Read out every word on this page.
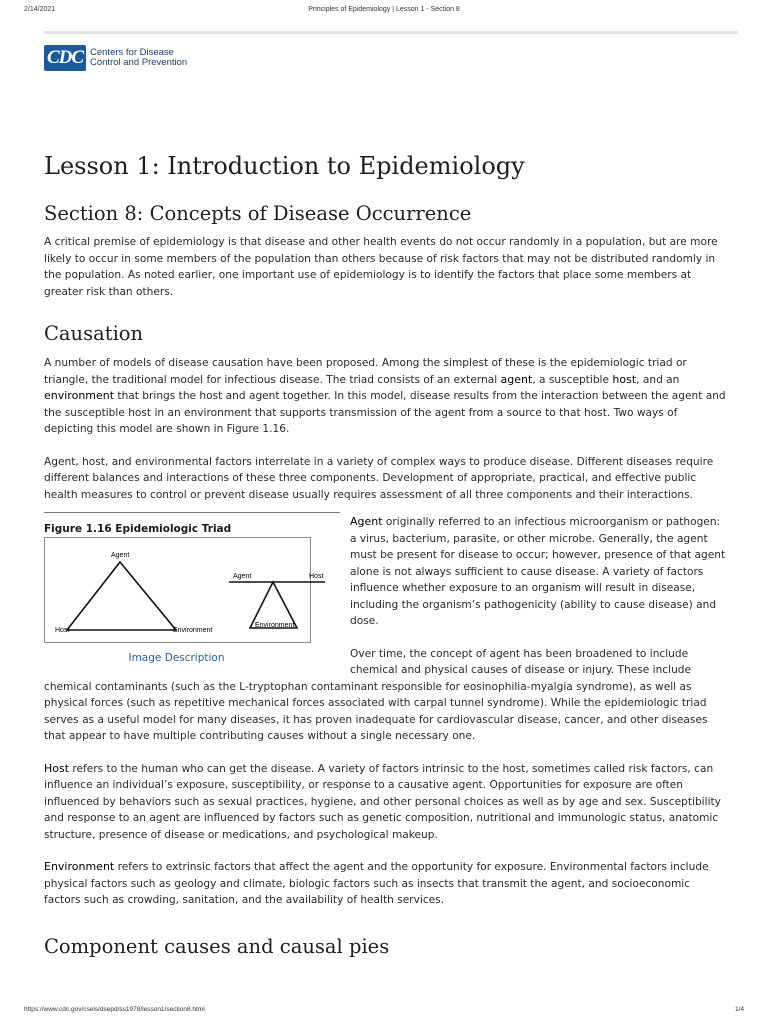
2/14/2021	Principles of Epidemiology | Lesson 1 - Section 8
CDC Centers for Disease
Control and Prevention
Lesson 1: Introduction to Epidemiology
Section 8: Concepts of Disease Occurrence

A critical premise of epidemiology is that disease and other health events do not occur randomly in a population, but are more likely to occur in some members of the population than others because of risk factors that may not be distributed randomly in the population. As noted earlier, one important use of epidemiology is to identify the factors that place some members at greater risk than others.

Causation

A number of models of disease causation have been proposed. Among the simplest of these is the epidemiologic triad or triangle, the traditional model for infectious disease. The triad consists of an external agent, a susceptible host, and an environment that brings the host and agent together. In this model, disease results from the interaction between the agent and the susceptible host in an environment that supports transmission of the agent from a source to that host. Two ways of depicting this model are shown in Figure 1.16.

Agent, host, and environmental factors interrelate in a variety of complex ways to produce disease. Different diseases require different balances and interactions of these three components. Development of appropriate, practical, and effective public health measures to control or prevent disease usually requires assessment of all three components and their interactions.

Figure 1.16 Epidemiologic Triad
Agent
Host	Environment
Agent	Host
Environment
Image Description

Agent originally referred to an infectious microorganism or pathogen: a virus, bacterium, parasite, or other microbe. Generally, the agent must be present for disease to occur; however, presence of that agent alone is not always sufficient to cause disease. A variety of factors influence whether exposure to an organism will result in disease, including the organism’s pathogenicity (ability to cause disease) and dose.

Over time, the concept of agent has been broadened to include chemical and physical causes of disease or injury. These include chemical contaminants (such as the L-tryptophan contaminant responsible for eosinophilia-myalgia syndrome), as well as physical forces (such as repetitive mechanical forces associated with carpal tunnel syndrome). While the epidemiologic triad serves as a useful model for many diseases, it has proven inadequate for cardiovascular disease, cancer, and other diseases that appear to have multiple contributing causes without a single necessary one.

Host refers to the human who can get the disease. A variety of factors intrinsic to the host, sometimes called risk factors, can influence an individual’s exposure, susceptibility, or response to a causative agent. Opportunities for exposure are often influenced by behaviors such as sexual practices, hygiene, and other personal choices as well as by age and sex. Susceptibility and response to an agent are influenced by factors such as genetic composition, nutritional and immunologic status, anatomic structure, presence of disease or medications, and psychological makeup.

Environment refers to extrinsic factors that affect the agent and the opportunity for exposure. Environmental factors include physical factors such as geology and climate, biologic factors such as insects that transmit the agent, and socioeconomic factors such as crowding, sanitation, and the availability of health services.

Component causes and causal pies
https://www.cdc.gov/csels/dsepd/ss1978/lesson1/section8.html	1/4
